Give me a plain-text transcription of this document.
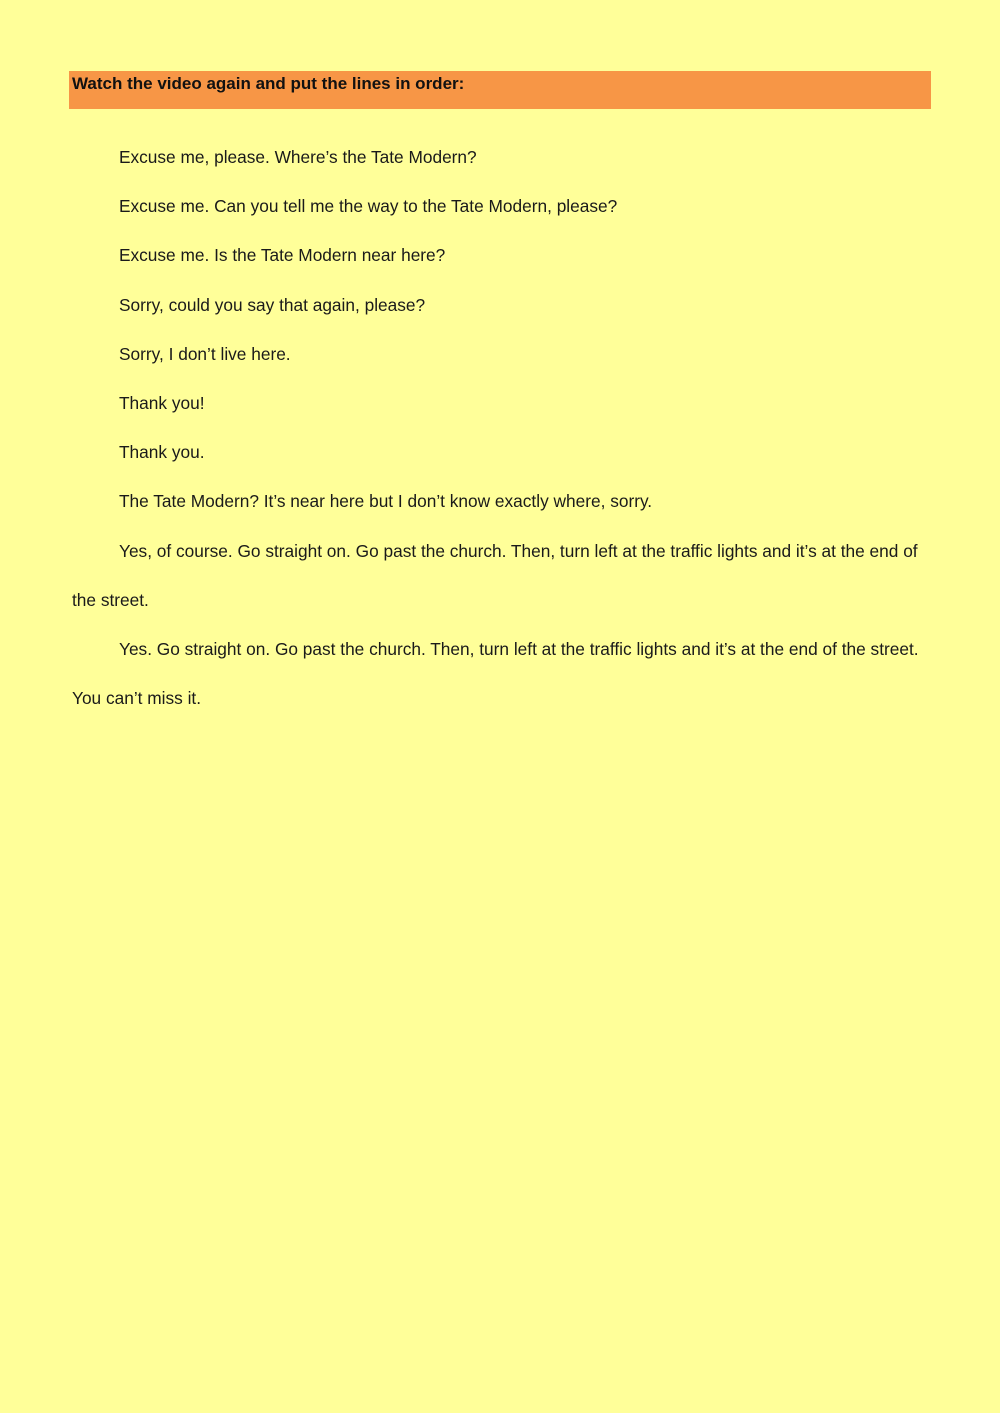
Watch the video again and put the lines in order:
Excuse me, please. Where’s the Tate Modern?
Excuse me. Can you tell me the way to the Tate Modern, please?
Excuse me. Is the Tate Modern near here?
Sorry, could you say that again, please?
Sorry, I don’t live here.
Thank you!
Thank you.
The Tate Modern? It’s near here but I don’t know exactly where, sorry.
Yes, of course. Go straight on. Go past the church. Then, turn left at the traffic lights and it’s at the end of the street.
Yes. Go straight on. Go past the church. Then, turn left at the traffic lights and it’s at the end of the street. You can’t miss it.
